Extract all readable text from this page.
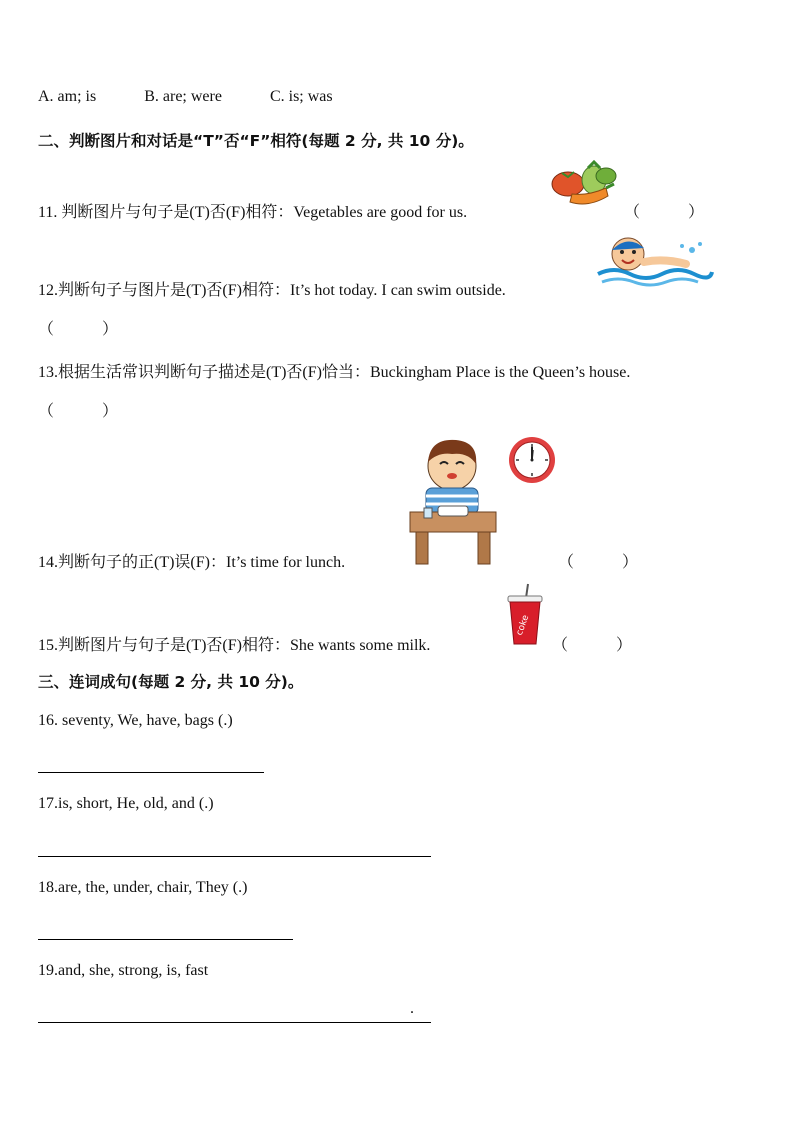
A. am; is	B. are; were	C. is; was
二、判断图片和对话是“T”否“F”相符(每题 2 分, 共 10 分)。
11. 判断图片与句子是(T)否(F)相符：Vegetables are good for us.	（　　　）
12.判断句子与图片是(T)否(F)相符：It’s hot today. I can swim outside.
（　　　）
13.根据生活常识判断句子描述是(T)否(F)恰当：Buckingham Place is the Queen’s house.
（　　　）
14.判断句子的正(T)误(F)：It’s time for lunch.	（　　　）
coke
15.判断图片与句子是(T)否(F)相符：She wants some milk.	（　　　）
三、连词成句(每题 2 分, 共 10 分)。
16. seventy, We, have, bags (.)
17.is, short, He, old, and (.)
18.are, the, under, chair, They (.)
19.and, she, strong, is, fast
.
